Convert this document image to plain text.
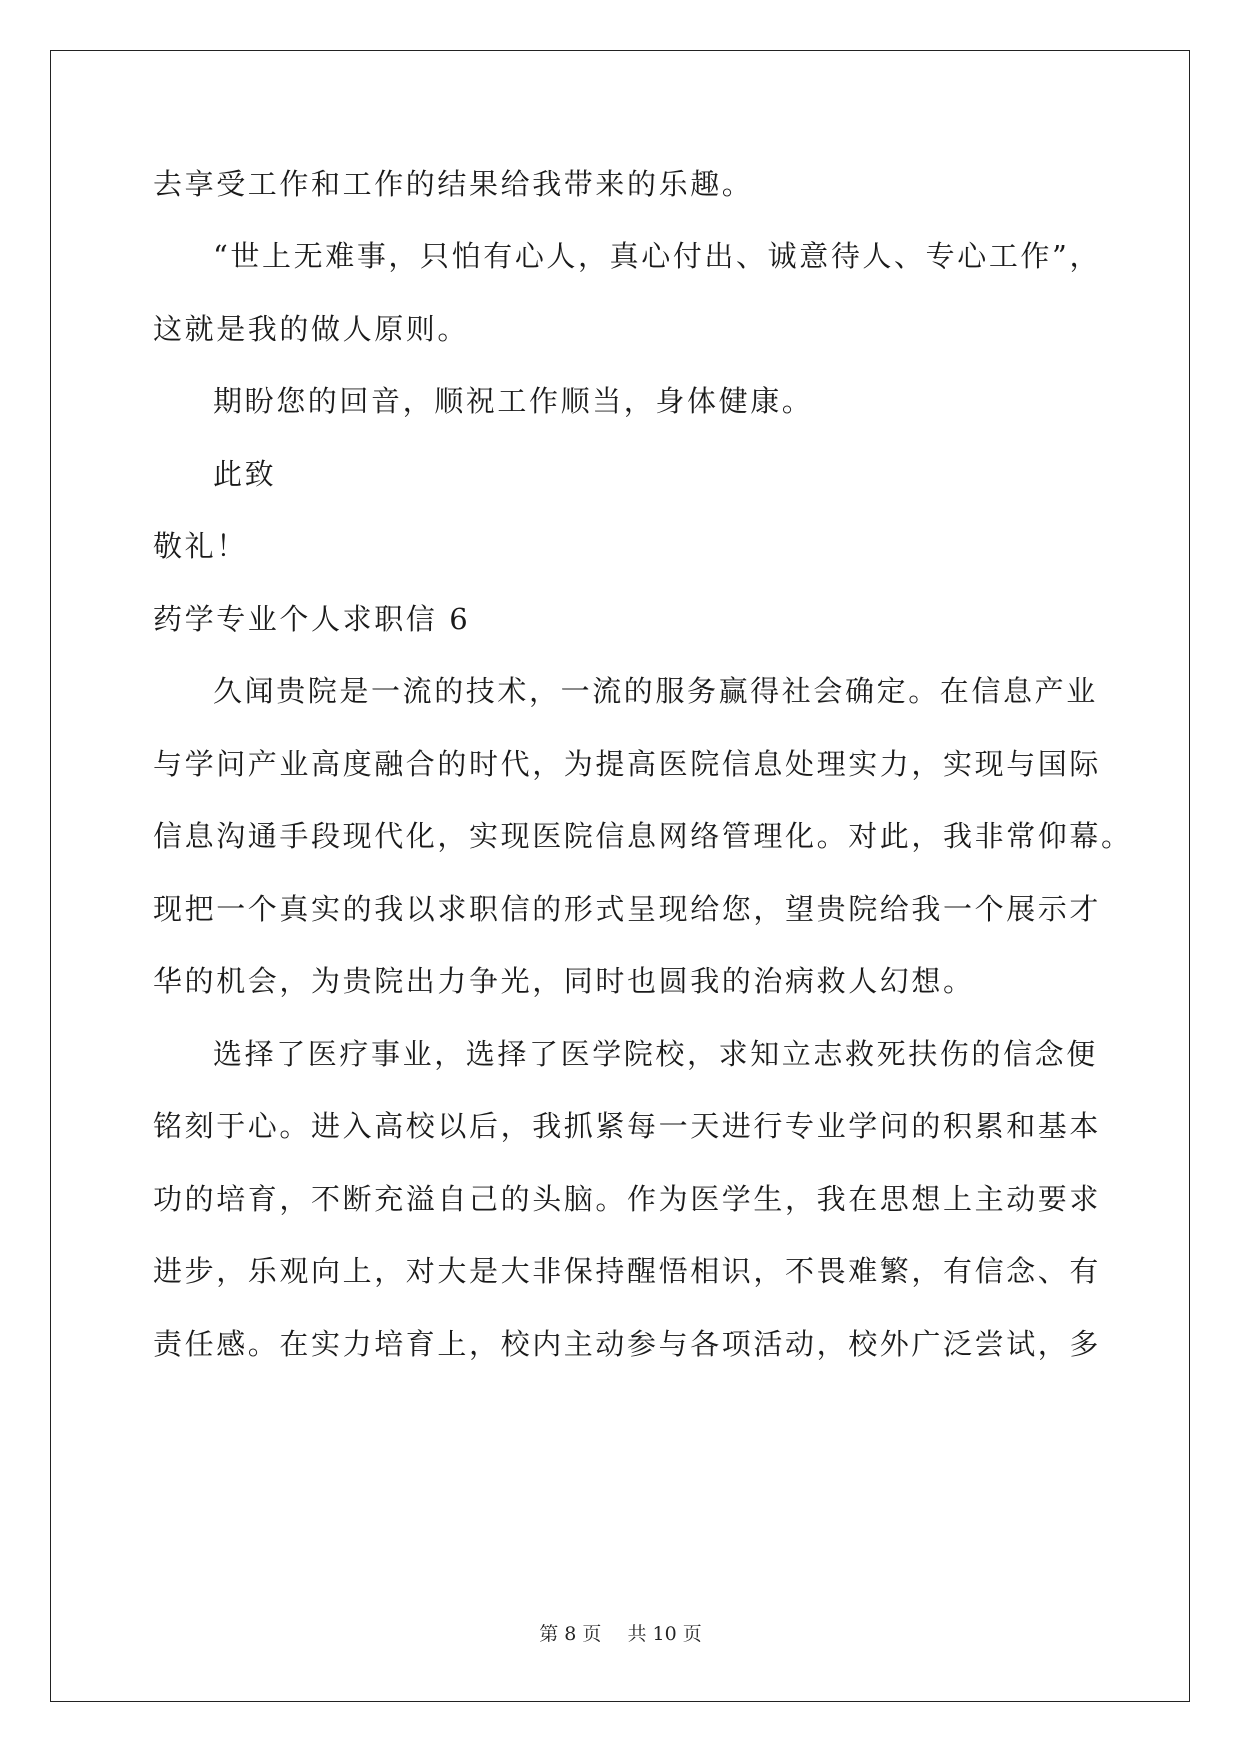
去享受工作和工作的结果给我带来的乐趣。
“世上无难事，只怕有心人，真心付出、诚意待人、专心工作”，
这就是我的做人原则。
期盼您的回音，顺祝工作顺当，身体健康。
此致
敬礼！
药学专业个人求职信 6
久闻贵院是一流的技术，一流的服务赢得社会确定。在信息产业
与学问产业高度融合的时代，为提高医院信息处理实力，实现与国际
信息沟通手段现代化，实现医院信息网络管理化。对此，我非常仰幕。
现把一个真实的我以求职信的形式呈现给您，望贵院给我一个展示才
华的机会，为贵院出力争光，同时也圆我的治病救人幻想。
选择了医疗事业，选择了医学院校，求知立志救死扶伤的信念便
铭刻于心。进入高校以后，我抓紧每一天进行专业学问的积累和基本
功的培育，不断充溢自己的头脑。作为医学生，我在思想上主动要求
进步，乐观向上，对大是大非保持醒悟相识，不畏难繁，有信念、有
责任感。在实力培育上，校内主动参与各项活动，校外广泛尝试，多
第 8 页 共 10 页
